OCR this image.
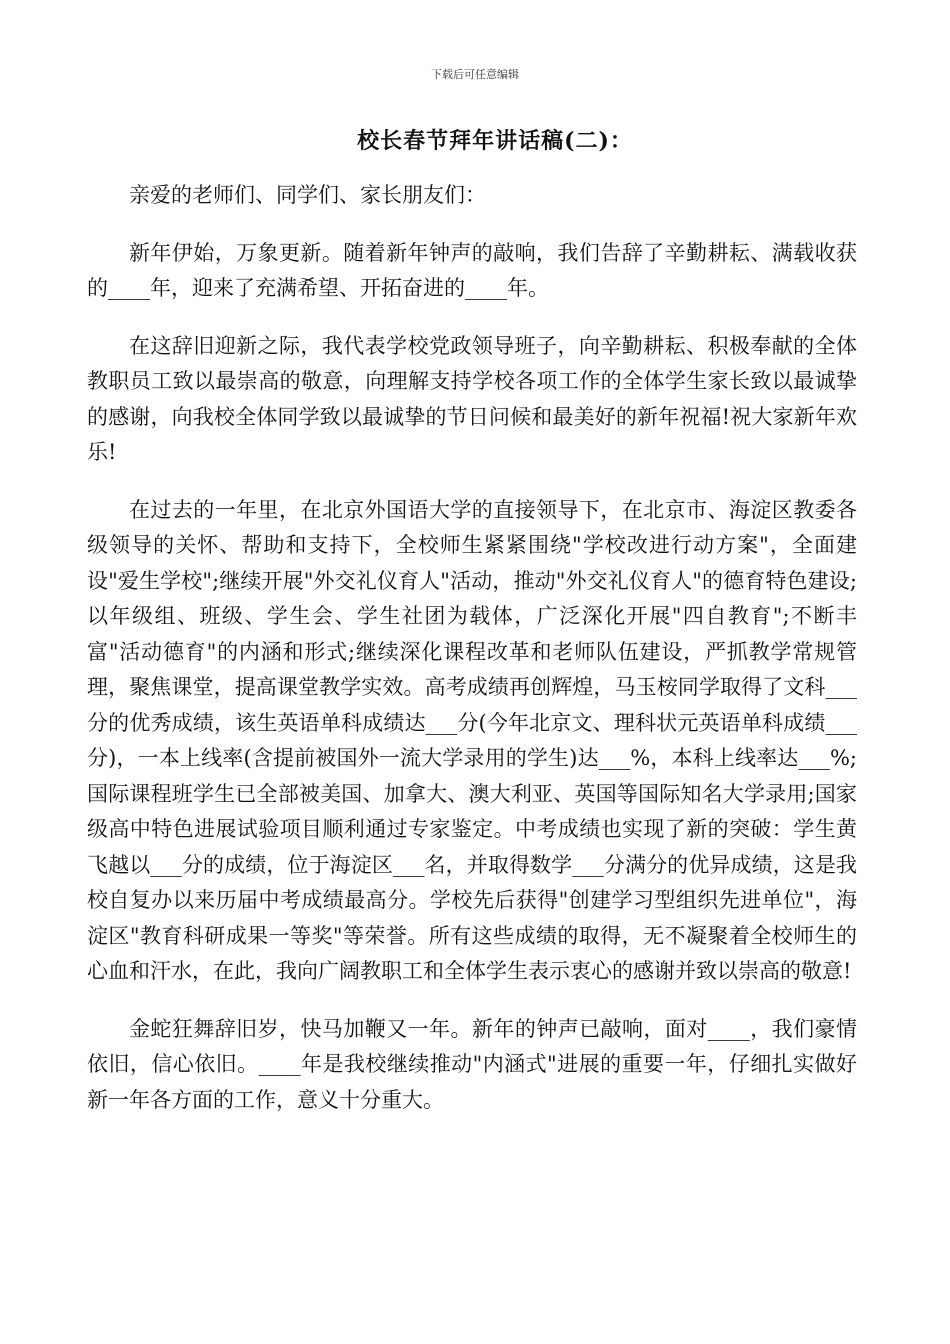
下载后可任意编辑
校长春节拜年讲话稿(二)：

亲爱的老师们、同学们、家长朋友们：

新年伊始，万象更新。随着新年钟声的敲响，我们告辞了辛勤耕耘、满载收获的____年，迎来了充满希望、开拓奋进的____年。

在这辞旧迎新之际，我代表学校党政领导班子，向辛勤耕耘、积极奉献的全体教职员工致以最崇高的敬意，向理解支持学校各项工作的全体学生家长致以最诚挚的感谢，向我校全体同学致以最诚挚的节日问候和最美好的新年祝福!祝大家新年欢乐!

在过去的一年里，在北京外国语大学的直接领导下，在北京市、海淀区教委各级领导的关怀、帮助和支持下，全校师生紧紧围绕"学校改进行动方案"，全面建设"爱生学校";继续开展"外交礼仪育人"活动，推动"外交礼仪育人"的德育特色建设;以年级组、班级、学生会、学生社团为载体，广泛深化开展"四自教育";不断丰富"活动德育"的内涵和形式;继续深化课程改革和老师队伍建设，严抓教学常规管理，聚焦课堂，提高课堂教学实效。高考成绩再创辉煌，马玉桉同学取得了文科___分的优秀成绩，该生英语单科成绩达___分(今年北京文、理科状元英语单科成绩___分)，一本上线率(含提前被国外一流大学录用的学生)达___%，本科上线率达___%;国际课程班学生已全部被美国、加拿大、澳大利亚、英国等国际知名大学录用;国家级高中特色进展试验项目顺利通过专家鉴定。中考成绩也实现了新的突破：学生黄飞越以___分的成绩，位于海淀区___名，并取得数学___分满分的优异成绩，这是我校自复办以来历届中考成绩最高分。学校先后获得"创建学习型组织先进单位"，海淀区"教育科研成果一等奖"等荣誉。所有这些成绩的取得，无不凝聚着全校师生的心血和汗水，在此，我向广阔教职工和全体学生表示衷心的感谢并致以崇高的敬意!

金蛇狂舞辞旧岁，快马加鞭又一年。新年的钟声已敲响，面对____，我们豪情依旧，信心依旧。____年是我校继续推动"内涵式"进展的重要一年，仔细扎实做好新一年各方面的工作，意义十分重大。
